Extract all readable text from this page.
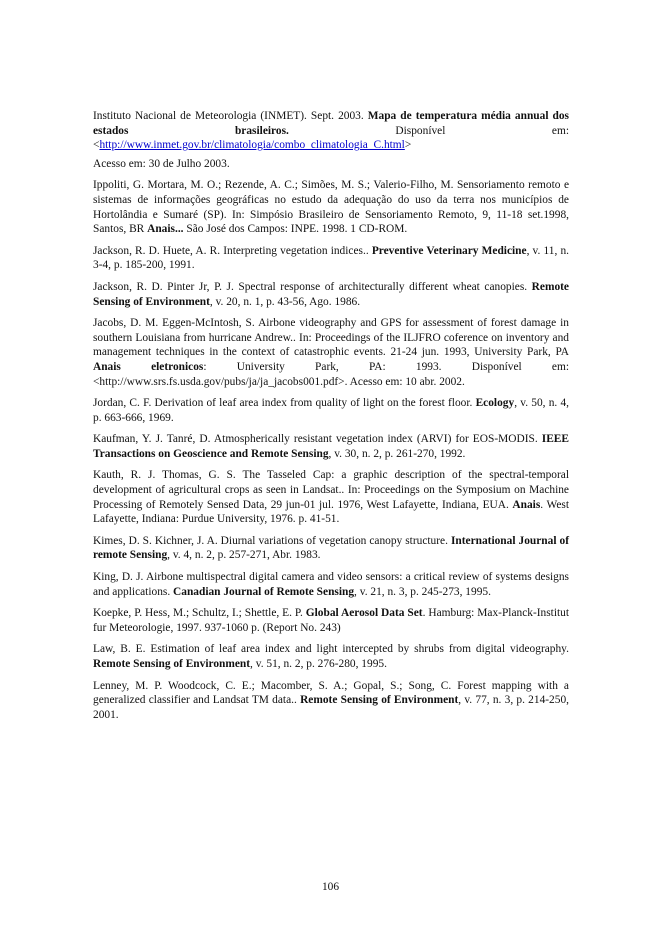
Instituto Nacional de Meteorologia (INMET). Sept. 2003. Mapa de temperatura média annual dos estados brasileiros. Disponível em: <http://www.inmet.gov.br/climatologia/combo_climatologia_C.html>

Acesso em: 30 de Julho 2003.

Ippoliti, G. Mortara, M. O.; Rezende, A. C.; Simões, M. S.; Valerio-Filho, M. Sensoriamento remoto e sistemas de informações geográficas no estudo da adequação do uso da terra nos municípios de Hortolândia e Sumaré (SP). In: Simpósio Brasileiro de Sensoriamento Remoto, 9, 11-18 set.1998, Santos, BR Anais... São José dos Campos: INPE. 1998. 1 CD-ROM.

Jackson, R. D. Huete, A. R. Interpreting vegetation indices.. Preventive Veterinary Medicine, v. 11, n. 3-4, p. 185-200, 1991.

Jackson, R. D. Pinter Jr, P. J. Spectral response of architecturally different wheat canopies. Remote Sensing of Environment, v. 20, n. 1, p. 43-56, Ago. 1986.

Jacobs, D. M. Eggen-McIntosh, S. Airbone videography and GPS for assessment of forest damage in southern Louisiana from hurricane Andrew.. In: Proceedings of the ILJFRO coference on inventory and management techniques in the context of catastrophic events. 21-24 jun. 1993, University Park, PA Anais eletronicos: University Park, PA: 1993. Disponível em: <http://www.srs.fs.usda.gov/pubs/ja/ja_jacobs001.pdf>. Acesso em: 10 abr. 2002.

Jordan, C. F. Derivation of leaf area index from quality of light on the forest floor. Ecology, v. 50, n. 4, p. 663-666, 1969.

Kaufman, Y. J. Tanré, D. Atmospherically resistant vegetation index (ARVI) for EOS-MODIS. IEEE Transactions on Geoscience and Remote Sensing, v. 30, n. 2, p. 261-270, 1992.

Kauth, R. J. Thomas, G. S. The Tasseled Cap: a graphic description of the spectral-temporal development of agricultural crops as seen in Landsat.. In: Proceedings on the Symposium on Machine Processing of Remotely Sensed Data, 29 jun-01 jul. 1976, West Lafayette, Indiana, EUA. Anais. West Lafayette, Indiana: Purdue University, 1976. p. 41-51.

Kimes, D. S. Kichner, J. A. Diurnal variations of vegetation canopy structure. International Journal of remote Sensing, v. 4, n. 2, p. 257-271, Abr. 1983.

King, D. J. Airbone multispectral digital camera and video sensors: a critical review of systems designs and applications. Canadian Journal of Remote Sensing, v. 21, n. 3, p. 245-273, 1995.

Koepke, P. Hess, M.; Schultz, I.; Shettle, E. P. Global Aerosol Data Set. Hamburg: Max-Planck-Institut fur Meteorologie, 1997. 937-1060 p. (Report No. 243)

Law, B. E. Estimation of leaf area index and light intercepted by shrubs from digital videography. Remote Sensing of Environment, v. 51, n. 2, p. 276-280, 1995.

Lenney, M. P. Woodcock, C. E.; Macomber, S. A.; Gopal, S.; Song, C. Forest mapping with a generalized classifier and Landsat TM data.. Remote Sensing of Environment, v. 77, n. 3, p. 214-250, 2001.

106
